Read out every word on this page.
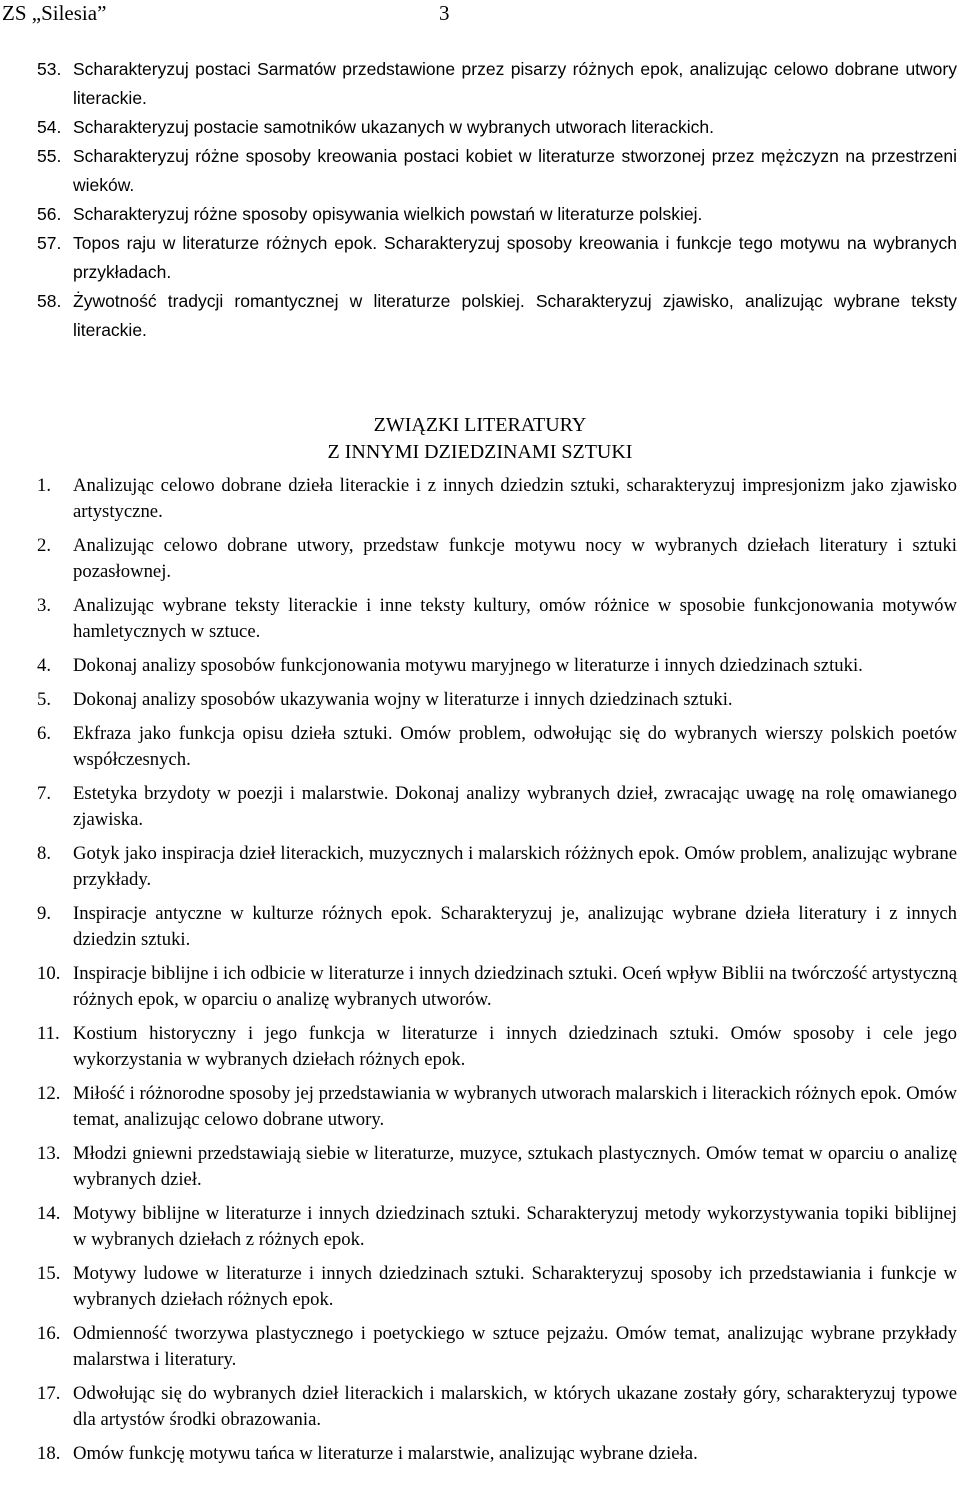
ZS „Silesia”	3

53. Scharakteryzuj postaci Sarmatów przedstawione przez pisarzy różnych epok, analizując celowo dobrane utwory literackie.

54. Scharakteryzuj postacie samotników ukazanych w wybranych utworach literackich.

55. Scharakteryzuj różne sposoby kreowania postaci kobiet w literaturze stworzonej przez mężczyzn na przestrzeni wieków.

56. Scharakteryzuj różne sposoby opisywania wielkich powstań w literaturze polskiej.

57. Topos raju w literaturze różnych epok. Scharakteryzuj sposoby kreowania i funkcje tego motywu na wybranych przykładach.

58. Żywotność tradycji romantycznej w literaturze polskiej. Scharakteryzuj zjawisko, analizując wybrane teksty literackie.

ZWIĄZKI LITERATURY
Z INNYMI DZIEDZINAMI SZTUKI

1. Analizując celowo dobrane dzieła literackie i z innych dziedzin sztuki, scharakteryzuj impresjonizm jako zjawisko artystyczne.

2. Analizując celowo dobrane utwory, przedstaw funkcje motywu nocy w wybranych dziełach literatury i sztuki pozasłownej.

3. Analizując wybrane teksty literackie i inne teksty kultury, omów różnice w sposobie funkcjonowania motywów hamletycznych w sztuce.

4. Dokonaj analizy sposobów funkcjonowania motywu maryjnego w literaturze i innych dziedzinach sztuki.

5. Dokonaj analizy sposobów ukazywania wojny w literaturze i innych dziedzinach sztuki.

6. Ekfraza jako funkcja opisu dzieła sztuki. Omów problem, odwołując się do wybranych wierszy polskich poetów współczesnych.

7. Estetyka brzydoty w poezji i malarstwie. Dokonaj analizy wybranych dzieł, zwracając uwagę na rolę omawianego zjawiska.

8. Gotyk jako inspiracja dzieł literackich, muzycznych i malarskich różżnych epok. Omów problem, analizując wybrane przykłady.

9. Inspiracje antyczne w kulturze różnych epok. Scharakteryzuj je, analizując wybrane dzieła literatury i z innych dziedzin sztuki.

10. Inspiracje biblijne i ich odbicie w literaturze i innych dziedzinach sztuki. Oceń wpływ Biblii na twórczość artystyczną różnych epok, w oparciu o analizę wybranych utworów.

11. Kostium historyczny i jego funkcja w literaturze i innych dziedzinach sztuki. Omów sposoby i cele jego wykorzystania w wybranych dziełach różnych epok.

12. Miłość i różnorodne sposoby jej przedstawiania w wybranych utworach malarskich i literackich różnych epok. Omów temat, analizując celowo dobrane utwory.

13. Młodzi gniewni przedstawiają siebie w literaturze, muzyce, sztukach plastycznych. Omów temat w oparciu o analizę wybranych dzieł.

14. Motywy biblijne w literaturze i innych dziedzinach sztuki. Scharakteryzuj metody wykorzystywania topiki biblijnej w wybranych dziełach z różnych epok.

15. Motywy ludowe w literaturze i innych dziedzinach sztuki. Scharakteryzuj sposoby ich przedstawiania i funkcje w wybranych dziełach różnych epok.

16. Odmienność tworzywa plastycznego i poetyckiego w sztuce pejzażu. Omów temat, analizując wybrane przykłady malarstwa i literatury.

17. Odwołując się do wybranych dzieł literackich i malarskich, w których ukazane zostały góry, scharakteryzuj typowe dla artystów środki obrazowania.

18. Omów funkcję motywu tańca w literaturze i malarstwie, analizując wybrane dzieła.
